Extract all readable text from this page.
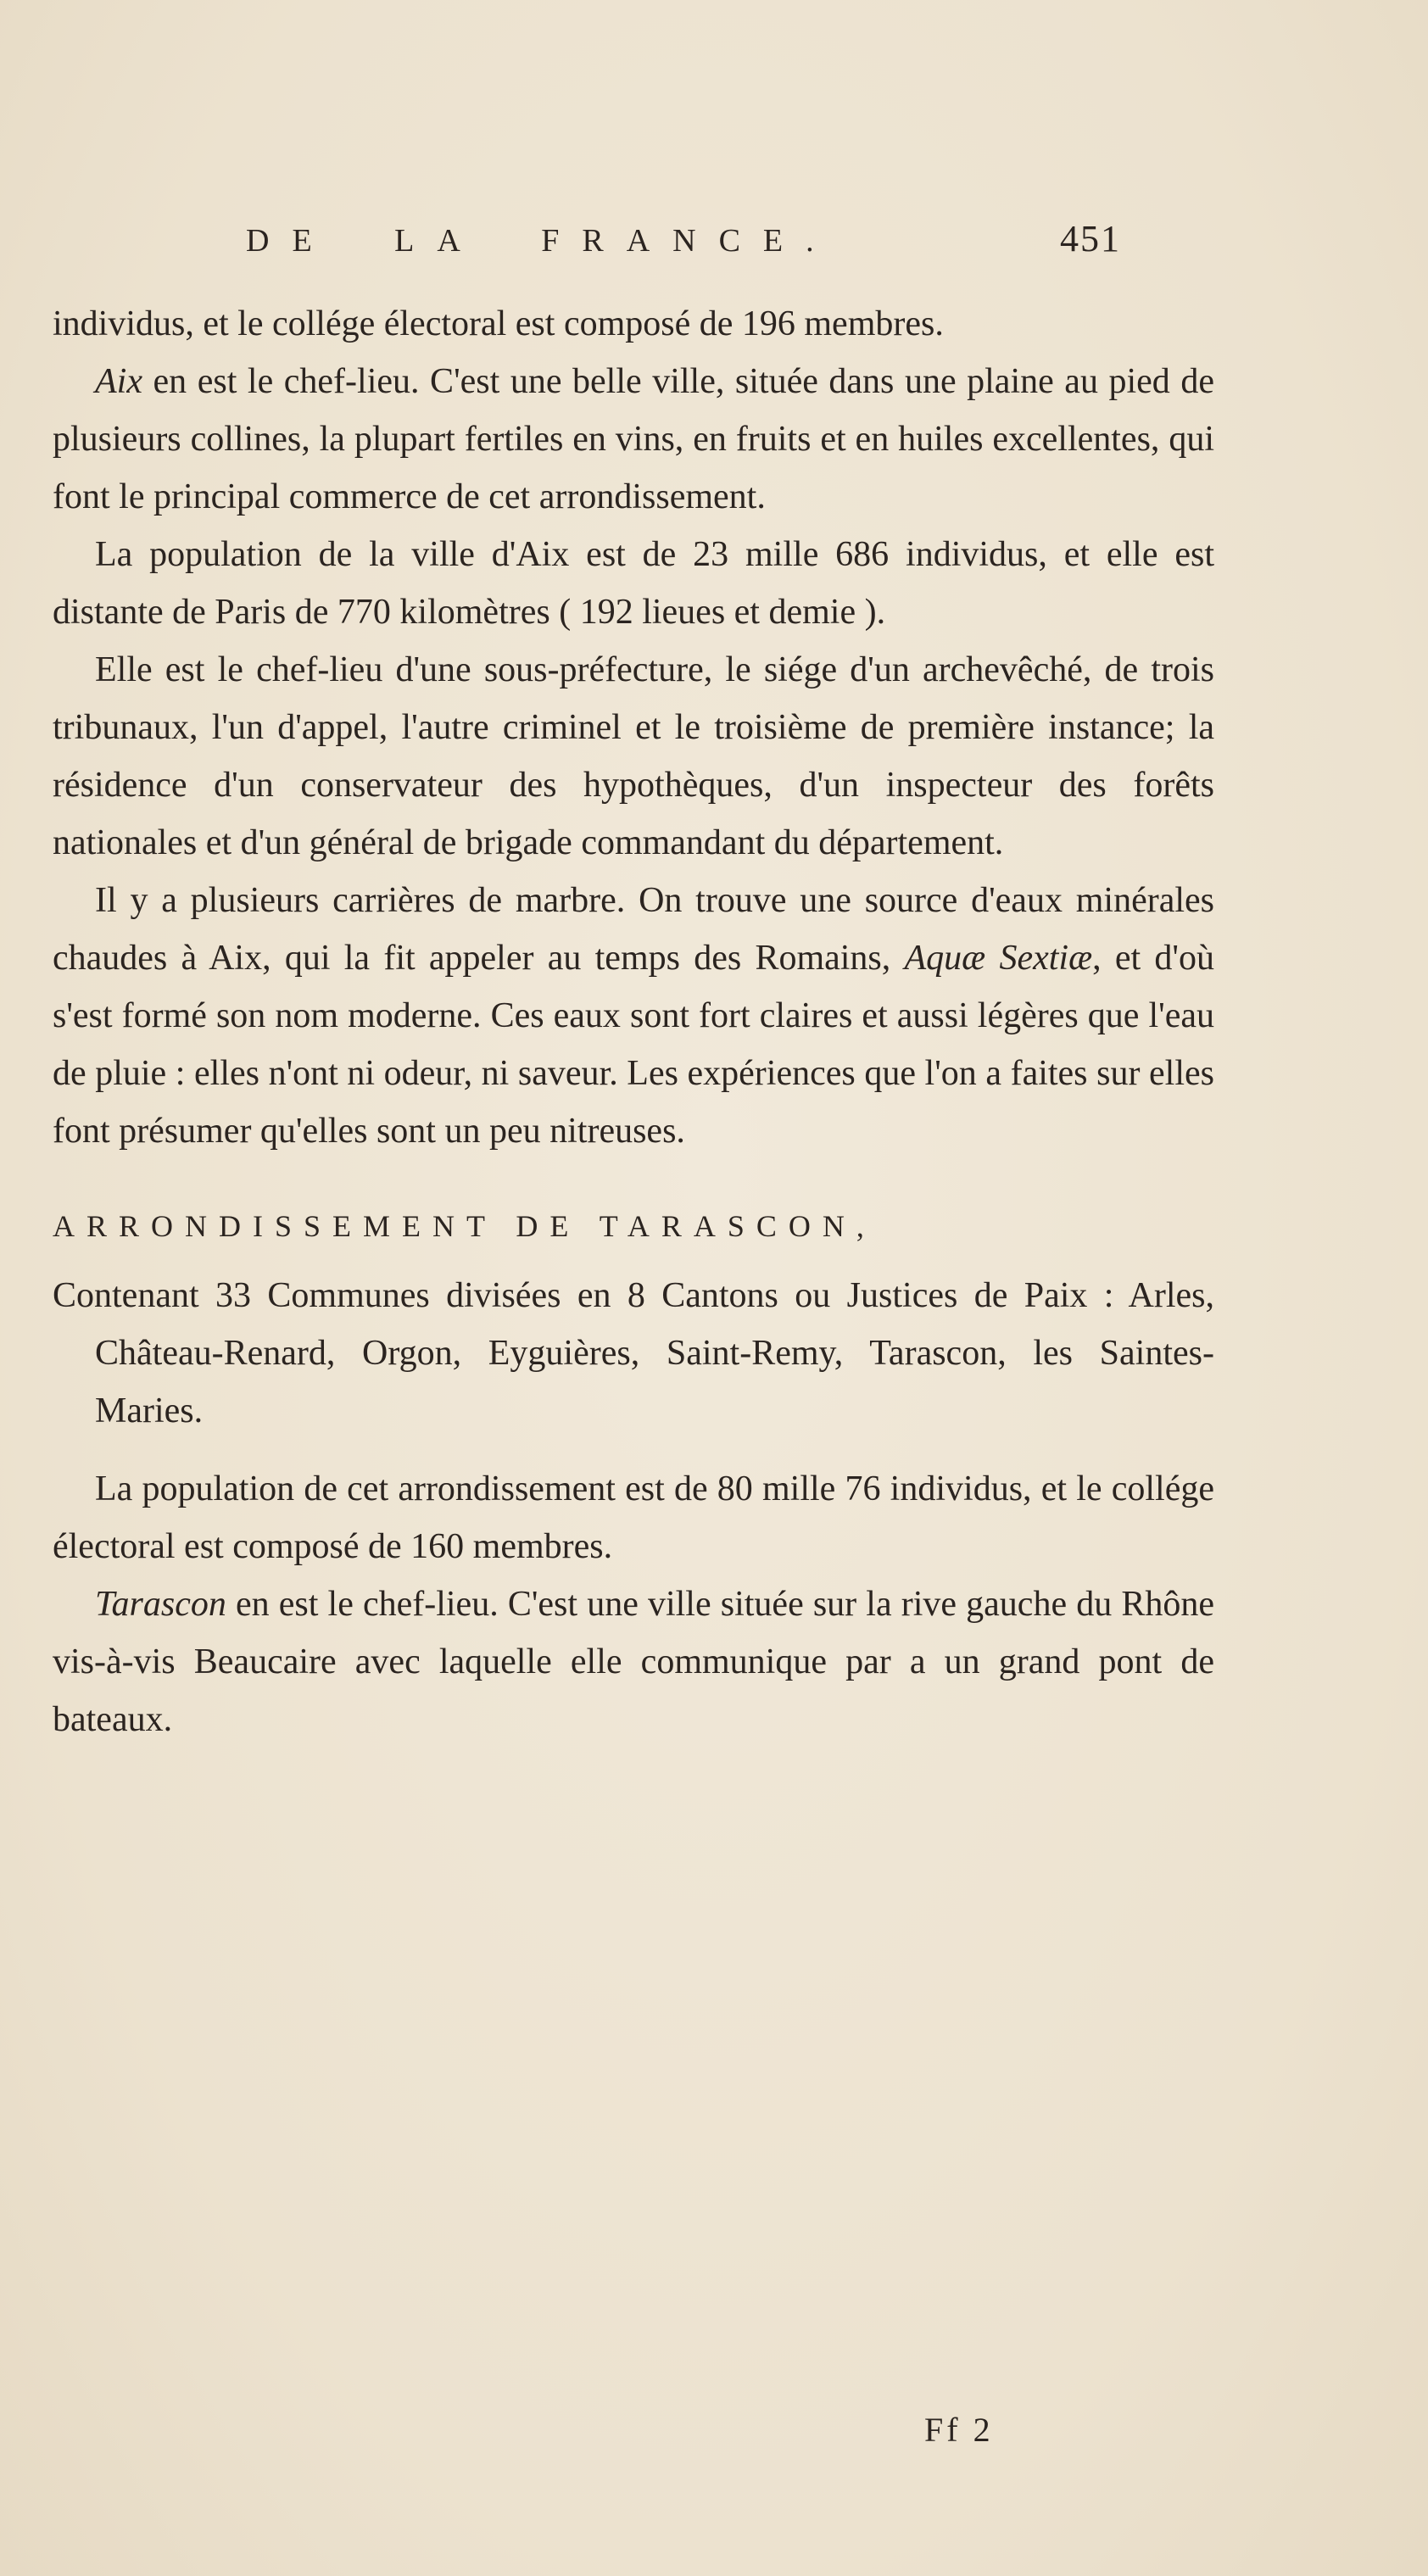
DE LA FRANCE.	451

individus, et le collége électoral est composé de 196 membres.

Aix en est le chef-lieu. C'est une belle ville, située dans une plaine au pied de plusieurs collines, la plupart fertiles en vins, en fruits et en huiles excellentes, qui font le principal commerce de cet arrondissement.

La population de la ville d'Aix est de 23 mille 686 individus, et elle est distante de Paris de 770 kilomètres ( 192 lieues et demie ).

Elle est le chef-lieu d'une sous-préfecture, le siége d'un archevêché, de trois tribunaux, l'un d'appel, l'autre criminel et le troisième de première instance; la résidence d'un conservateur des hypothèques, d'un inspecteur des forêts nationales et d'un général de brigade commandant du département.

Il y a plusieurs carrières de marbre. On trouve une source d'eaux minérales chaudes à Aix, qui la fit appeler au temps des Romains, Aquæ Sextiæ, et d'où s'est formé son nom moderne. Ces eaux sont fort claires et aussi légères que l'eau de pluie : elles n'ont ni odeur, ni saveur. Les expériences que l'on a faites sur elles font présumer qu'elles sont un peu nitreuses.

ARRONDISSEMENT DE TARASCON,

Contenant 33 Communes divisées en 8 Cantons ou Justices de Paix : Arles, Château-Renard, Orgon, Eyguières, Saint-Remy, Tarascon, les Saintes-Maries.

La population de cet arrondissement est de 80 mille 76 individus, et le collége électoral est composé de 160 membres.

Tarascon en est le chef-lieu. C'est une ville située sur la rive gauche du Rhône vis-à-vis Beaucaire avec laquelle elle communique par a un grand pont de bateaux.

Ff 2
